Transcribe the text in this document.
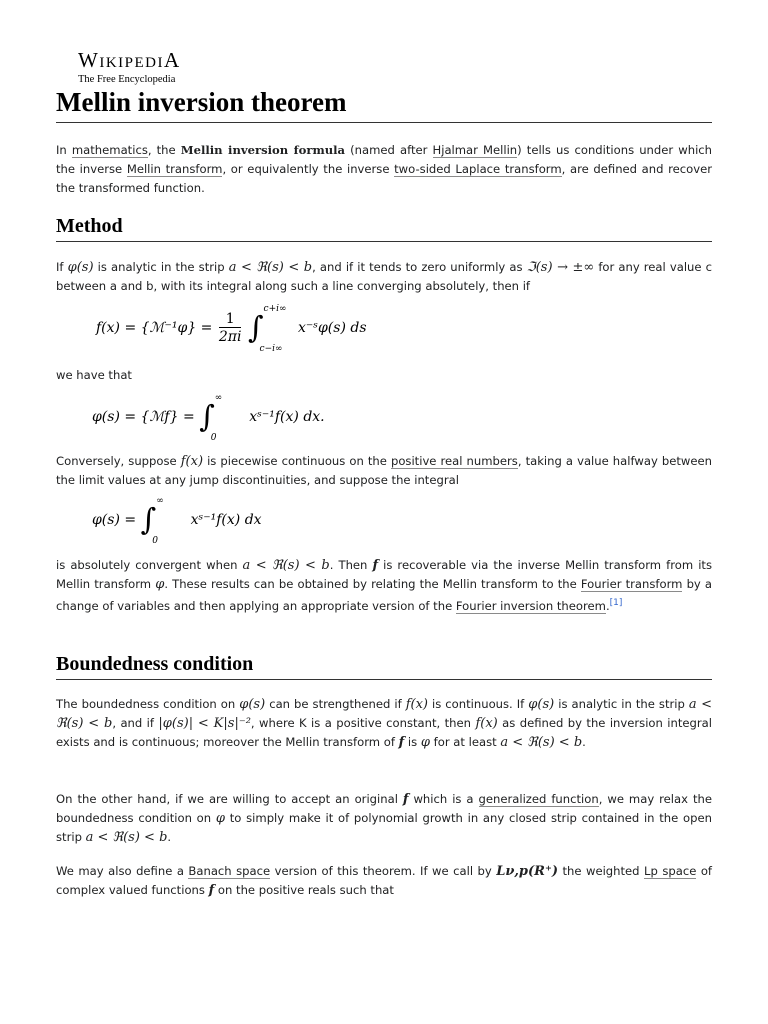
WIKIPEDIA
The Free Encyclopedia
Mellin inversion theorem

In mathematics, the Mellin inversion formula (named after Hjalmar Mellin) tells us conditions under which the inverse Mellin transform, or equivalently the inverse two-sided Laplace transform, are defined and recover the transformed function.

Method

If φ(s) is analytic in the strip a < ℜ(s) < b, and if it tends to zero uniformly as ℑ(s) → ±∞ for any real value c between a and b, with its integral along such a line converging absolutely, then if

f(x) = {ℳ⁻¹φ} = $\frac{1}{2\pi i}$ ∫
c+i∞
c−i∞
x⁻ˢφ(s) ds

we have that

φ(s) = {ℳf} = ∫
∞
0
xˢ⁻¹f(x) dx.

Conversely, suppose f(x) is piecewise continuous on the positive real numbers, taking a value halfway between the limit values at any jump discontinuities, and suppose the integral

φ(s) = ∫
∞
0
xˢ⁻¹f(x) dx

is absolutely convergent when a < ℜ(s) < b. Then f is recoverable via the inverse Mellin transform from its Mellin transform φ. These results can be obtained by relating the Mellin transform to the Fourier transform by a change of variables and then applying an appropriate version of the Fourier inversion theorem.[1]

Boundedness condition

The boundedness condition on φ(s) can be strengthened if f(x) is continuous. If φ(s) is analytic in the strip a < ℜ(s) < b, and if |φ(s)| < K|s|⁻², where K is a positive constant, then f(x) as defined by the inversion integral exists and is continuous; moreover the Mellin transform of f is φ for at least a < ℜ(s) < b.

On the other hand, if we are willing to accept an original f which is a generalized function, we may relax the boundedness condition on φ to simply make it of polynomial growth in any closed strip contained in the open strip a < ℜ(s) < b.

We may also define a Banach space version of this theorem. If we call by Lν,p(R⁺) the weighted Lp space of complex valued functions f on the positive reals such that
